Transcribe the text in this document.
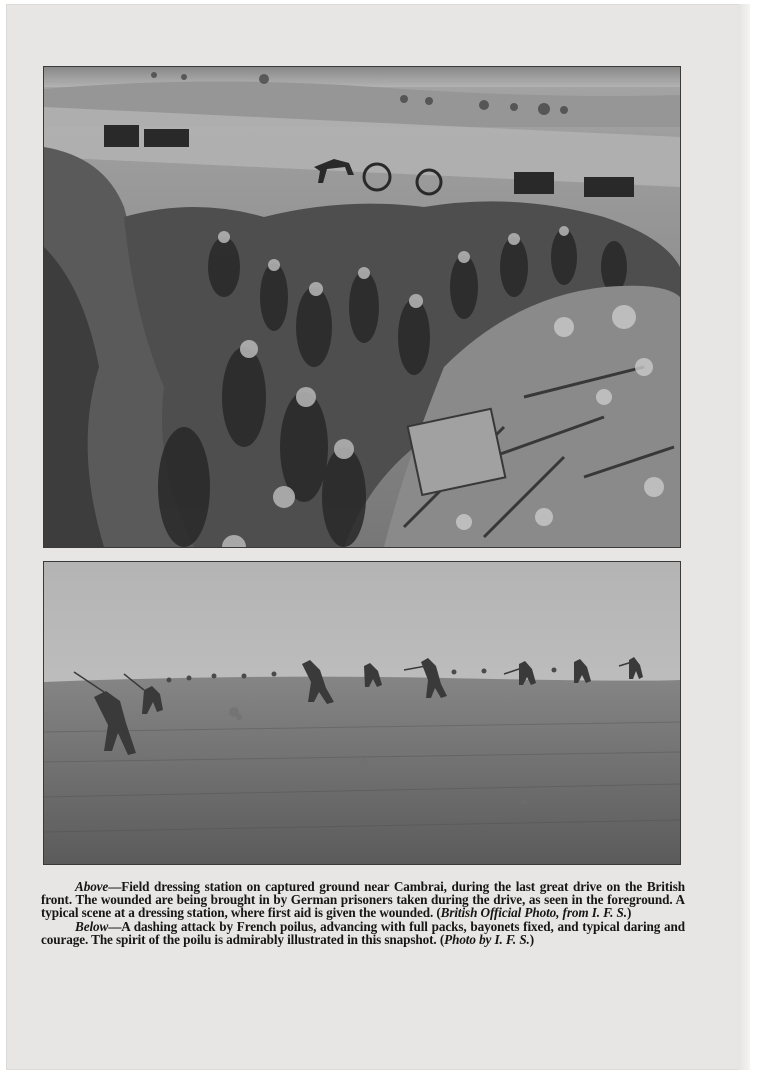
Above—Field dressing station on captured ground near Cambrai, during the last great drive on the British front. The wounded are being brought in by German prisoners taken during the drive, as seen in the foreground. A typical scene at a dressing station, where first aid is given the wounded. (British Official Photo, from I. F. S.)

Below—A dashing attack by French poilus, advancing with full packs, bayonets fixed, and typical daring and courage. The spirit of the poilu is admirably illustrated in this snapshot. (Photo by I. F. S.)
